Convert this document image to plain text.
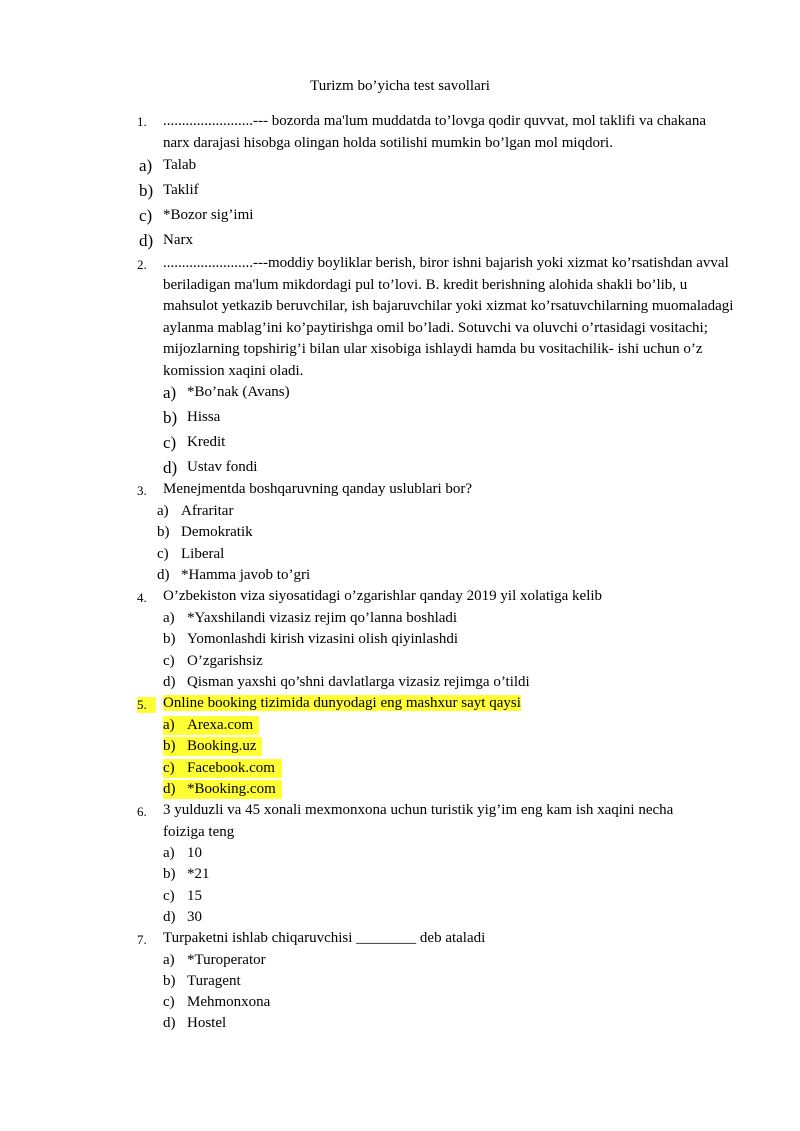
Turizm bo’yicha test savollari
1.	........................--- bozorda ma'lum muddatda to’lovga qodir quvvat, mol taklifi va chakana narx darajasi hisobga olingan holda sotilishi mumkin bo’lgan mol miqdori.
a) Talab
b) Taklif
c) *Bozor sig’imi
d) Narx
2.	........................---moddiy boyliklar berish, biror ishni bajarish yoki xizmat ko’rsatishdan avval beriladigan ma'lum mikdordagi pul to’lovi. B. kredit berishning alohida shakli bo’lib, u mahsulot yetkazib beruvchilar, ish bajaruvchilar yoki xizmat ko’rsatuvchilarning muomaladagi aylanma mablag’ini ko’paytirishga omil bo’ladi. Sotuvchi va oluvchi o’rtasidagi vositachi; mijozlarning topshirig’i bilan ular xisobiga ishlaydi hamda bu vositachilik- ishi uchun o’z komission xaqini oladi.
a) *Bo’nak (Avans)
b) Hissa
c) Kredit
d) Ustav fondi
3.	Menejmentda boshqaruvning qanday uslublari bor?
a) Afraritar
b) Demokratik
c) Liberal
d) *Hamma javob to’gri
4.	O’zbekiston viza siyosatidagi o’zgarishlar qanday 2019 yil xolatiga kelib
a) *Yaxshilandi vizasiz rejim qo’lanna boshladi
b) Yomonlashdi kirish vizasini olish qiyinlashdi
c) O’zgarishsiz
d) Qisman yaxshi qo’shni davlatlarga vizasiz rejimga o’tildi
5.	Online booking tizimida dunyodagi eng mashxur sayt qaysi
a) Arexa.com
b) Booking.uz
c) Facebook.com
d) *Booking.com
6.	3 yulduzli va 45 xonali mexmonxona uchun turistik yig’im eng kam ish xaqini necha foiziga teng
a) 10
b) *21
c) 15
d) 30
7.	Turpaketni ishlab chiqaruvchisi ________ deb ataladi
a) *Turoperator
b) Turagent
c) Mehmonxona
d) Hostel
